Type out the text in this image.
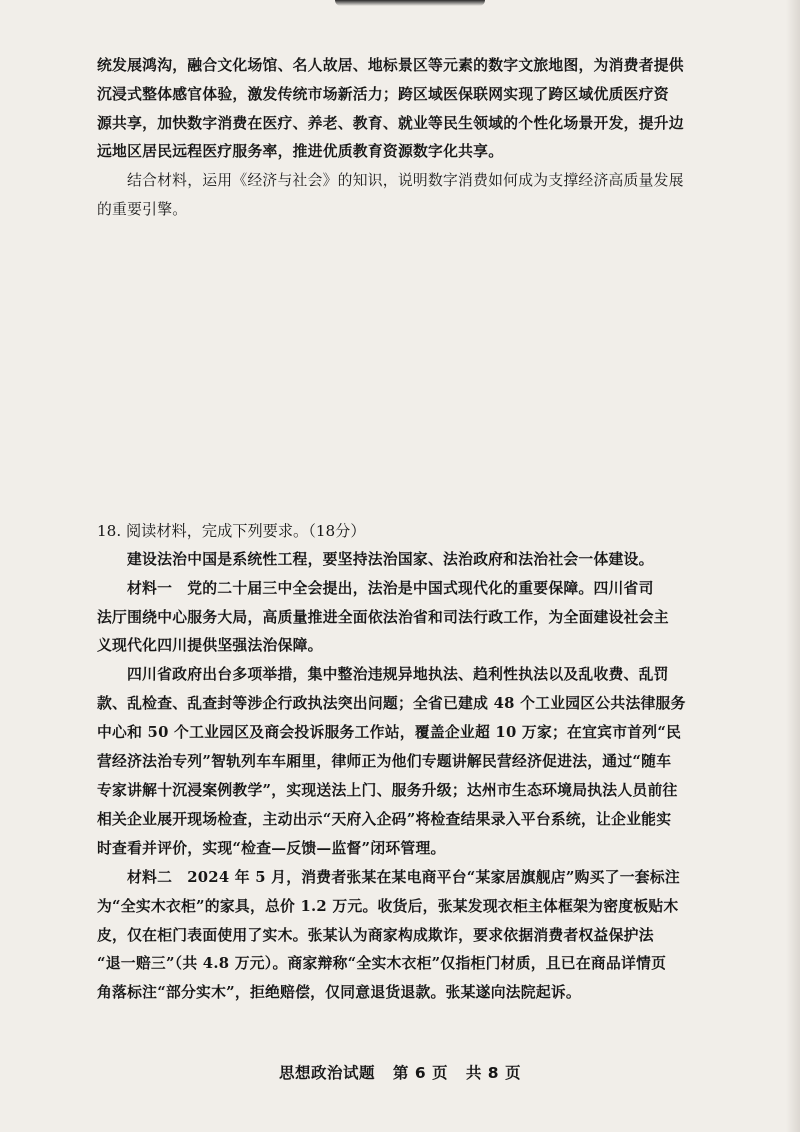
统发展鸿沟，融合文化场馆、名人故居、地标景区等元素的数字文旅地图，为消费者提供
沉浸式整体感官体验，激发传统市场新活力；跨区域医保联网实现了跨区域优质医疗资
源共享，加快数字消费在医疗、养老、教育、就业等民生领域的个性化场景开发，提升边
远地区居民远程医疗服务率，推进优质教育资源数字化共享。
结合材料，运用《经济与社会》的知识，说明数字消费如何成为支撑经济高质量发展
的重要引擎。
18. 阅读材料，完成下列要求。（18分）
建设法治中国是系统性工程，要坚持法治国家、法治政府和法治社会一体建设。
材料一　党的二十届三中全会提出，法治是中国式现代化的重要保障。四川省司
法厅围绕中心服务大局，高质量推进全面依法治省和司法行政工作，为全面建设社会主
义现代化四川提供坚强法治保障。
四川省政府出台多项举措，集中整治违规异地执法、趋利性执法以及乱收费、乱罚
款、乱检查、乱查封等涉企行政执法突出问题；全省已建成 48 个工业园区公共法律服务
中心和 50 个工业园区及商会投诉服务工作站，覆盖企业超 10 万家；在宜宾市首列“民
营经济法治专列”智轨列车车厢里，律师正为他们专题讲解民营经济促进法，通过“随车
专家讲解十沉浸案例教学”，实现送法上门、服务升级；达州市生态环境局执法人员前往
相关企业展开现场检查，主动出示“天府入企码”将检查结果录入平台系统，让企业能实
时查看并评价，实现“检查—反馈—监督”闭环管理。
材料二　2024 年 5 月，消费者张某在某电商平台“某家居旗舰店”购买了一套标注
为“全实木衣柜”的家具，总价 1.2 万元。收货后，张某发现衣柜主体框架为密度板贴木
皮，仅在柜门表面使用了实木。张某认为商家构成欺诈，要求依据消费者权益保护法
“退一赔三”（共 4.8 万元）。商家辩称“全实木衣柜”仅指柜门材质，且已在商品详情页
角落标注“部分实木”，拒绝赔偿，仅同意退货退款。张某遂向法院起诉。
思想政治试题 第 6 页 共 8 页
